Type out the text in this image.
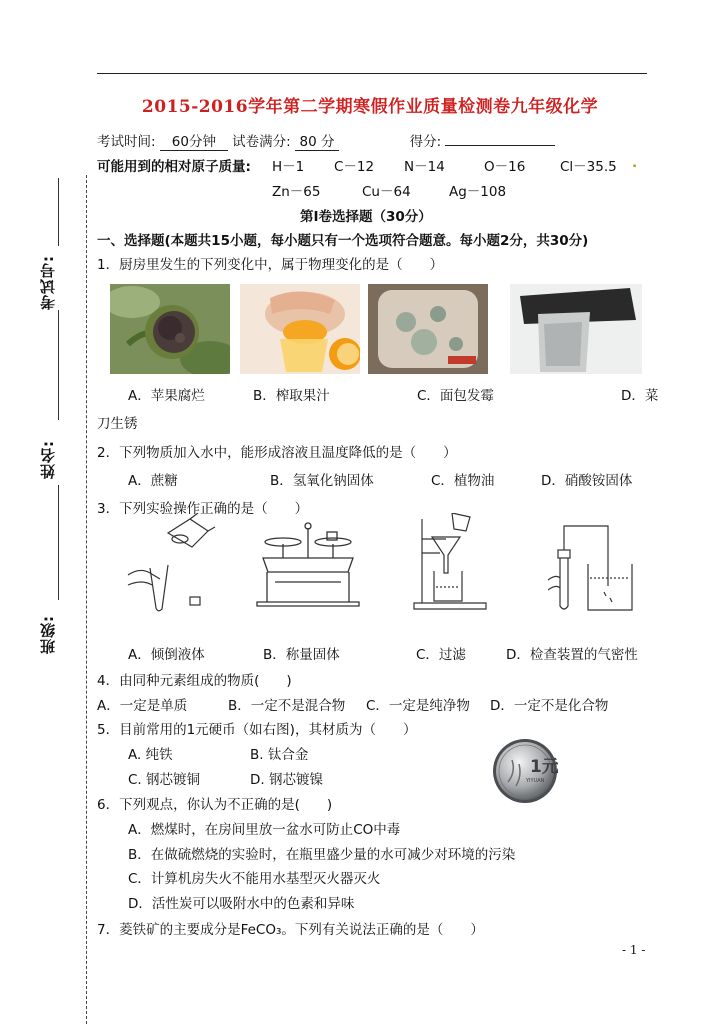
考试号:
姓名:
班级:
2015-2016学年第二学期寒假作业质量检测卷九年级化学
考试时间: 60分钟 试卷满分: 80 分	得分:
可能用到的相对原子质量: H－1 C－12 N－14	O－16	Cl－35.5 .
Zn－65	Cu－64	Ag－108
第Ⅰ卷选择题（30分）
一、选择题(本题共15小题，每小题只有一个选项符合题意。每小题2分，共30分)
1．厨房里发生的下列变化中，属于物理变化的是（　　）
A．苹果腐烂	B．榨取果汁	C．面包发霉	D．菜
刀生锈
2．下列物质加入水中，能形成溶液且温度降低的是（　　）
A．蔗糖	B．氢氧化钠固体	C．植物油	D．硝酸铵固体
3．下列实验操作正确的是（　　）
A．倾倒液体	B．称量固体	C．过滤	D．检查装置的气密性
4．由同种元素组成的物质(　　)
A．一定是单质	B．一定不是混合物 C．一定是纯净物 D．一定不是化合物
5．目前常用的1元硬币（如右图)，其材质为（　　）
A. 纯铁	B. 钛合金
C. 钢芯镀铜	D. 钢芯镀镍
1元
YIYUAN
6．下列观点，你认为不正确的是(　　)
A．燃煤时，在房间里放一盆水可防止CO中毒
B．在做硫燃烧的实验时，在瓶里盛少量的水可减少对环境的污染
C．计算机房失火不能用水基型灭火器灭火
D．活性炭可以吸附水中的色素和异味
7．菱铁矿的主要成分是FeCO₃。下列有关说法正确的是（　　）
- 1 -
